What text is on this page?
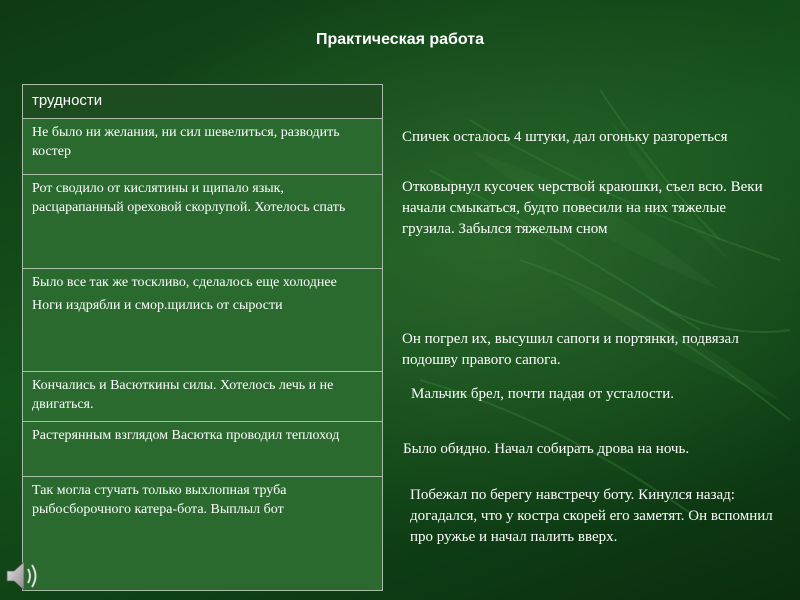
Практическая работа

трудности

Не было ни желания, ни сил шевелиться, разводить костер

Рот сводило от кислятины и щипало язык, расцарапанный ореховой скорлупой. Хотелось спать

Было все так же тоскливо, сделалось еще холоднее

Ноги издрябли и смор.щились от сырости

Кончались и Васюткины силы. Хотелось лечь и не двигаться.

Растерянным взглядом Васютка проводил теплоход

Так могла стучать только выхлопная труба рыбосборочного катера-бота. Выплыл бот

Спичек осталось 4 штуки, дал огоньку разгореться
Отковырнул кусочек черствой краюшки, съел всю. Веки начали смыкаться, будто повесили на них тяжелые грузила. Забылся тяжелым сном
Он погрел их, высушил сапоги и портянки, подвязал подошву правого сапога.
Мальчик брел, почти падая от усталости.
Было обидно. Начал собирать дрова на ночь.
Побежал по берегу навстречу боту. Кинулся назад: догадался, что у костра скорей его заметят. Он вспомнил про ружье и начал палить вверх.
